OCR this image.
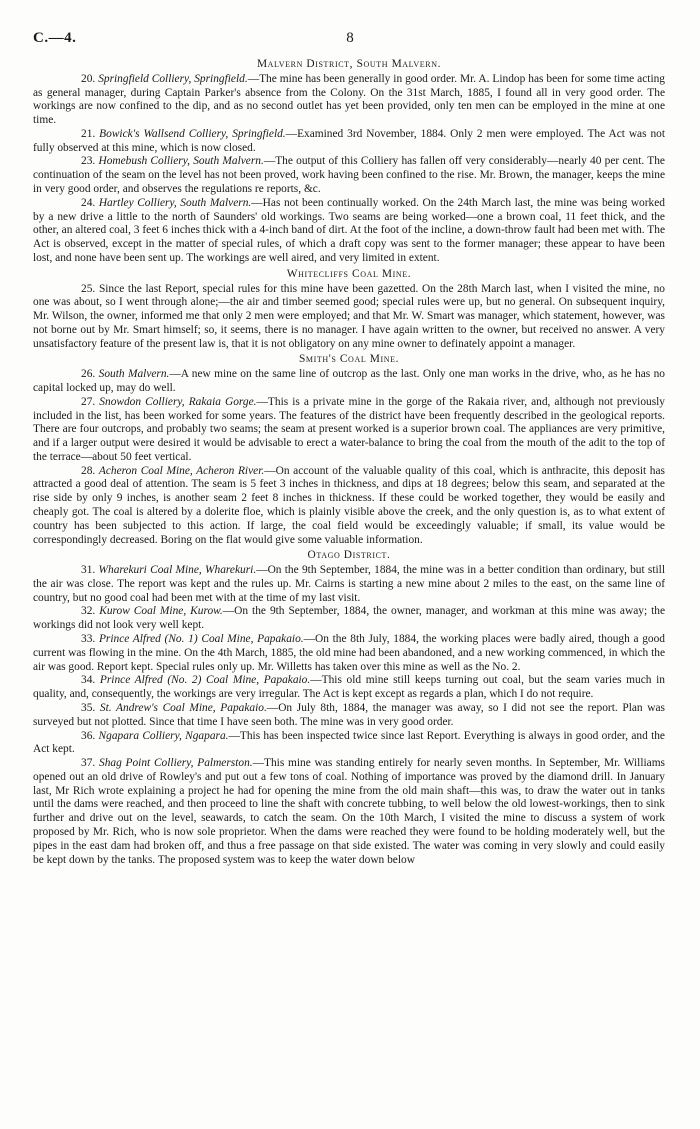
C.—4.	8
Malvern District, South Malvern.

20. Springfield Colliery, Springfield.—The mine has been generally in good order. Mr. A. Lindop has been for some time acting as general manager, during Captain Parker's absence from the Colony. On the 31st March, 1885, I found all in very good order. The workings are now confined to the dip, and as no second outlet has yet been provided, only ten men can be employed in the mine at one time.

21. Bowick's Wallsend Colliery, Springfield.—Examined 3rd November, 1884. Only 2 men were employed. The Act was not fully observed at this mine, which is now closed.

23. Homebush Colliery, South Malvern.—The output of this Colliery has fallen off very considerably—nearly 40 per cent. The continuation of the seam on the level has not been proved, work having been confined to the rise. Mr. Brown, the manager, keeps the mine in very good order, and observes the regulations re reports, &c.

24. Hartley Colliery, South Malvern.—Has not been continually worked. On the 24th March last, the mine was being worked by a new drive a little to the north of Saunders' old workings. Two seams are being worked—one a brown coal, 11 feet thick, and the other, an altered coal, 3 feet 6 inches thick with a 4-inch band of dirt. At the foot of the incline, a down-throw fault had been met with. The Act is observed, except in the matter of special rules, of which a draft copy was sent to the former manager; these appear to have been lost, and none have been sent up. The workings are well aired, and very limited in extent.

Whitecliffs Coal Mine.

25. Since the last Report, special rules for this mine have been gazetted. On the 28th March last, when I visited the mine, no one was about, so I went through alone;—the air and timber seemed good; special rules were up, but no general. On subsequent inquiry, Mr. Wilson, the owner, informed me that only 2 men were employed; and that Mr. W. Smart was manager, which statement, however, was not borne out by Mr. Smart himself; so, it seems, there is no manager. I have again written to the owner, but received no answer. A very unsatisfactory feature of the present law is, that it is not obligatory on any mine owner to definately appoint a manager.

Smith's Coal Mine.

26. South Malvern.—A new mine on the same line of outcrop as the last. Only one man works in the drive, who, as he has no capital locked up, may do well.

27. Snowdon Colliery, Rakaia Gorge.—This is a private mine in the gorge of the Rakaia river, and, although not previously included in the list, has been worked for some years. The features of the district have been frequently described in the geological reports. There are four outcrops, and probably two seams; the seam at present worked is a superior brown coal. The appliances are very primitive, and if a larger output were desired it would be advisable to erect a water-balance to bring the coal from the mouth of the adit to the top of the terrace—about 50 feet vertical.

28. Acheron Coal Mine, Acheron River.—On account of the valuable quality of this coal, which is anthracite, this deposit has attracted a good deal of attention. The seam is 5 feet 3 inches in thickness, and dips at 18 degrees; below this seam, and separated at the rise side by only 9 inches, is another seam 2 feet 8 inches in thickness. If these could be worked together, they would be easily and cheaply got. The coal is altered by a dolerite floe, which is plainly visible above the creek, and the only question is, as to what extent of country has been subjected to this action. If large, the coal field would be exceedingly valuable; if small, its value would be correspondingly decreased. Boring on the flat would give some valuable information.

Otago District.

31. Wharekuri Coal Mine, Wharekuri.—On the 9th September, 1884, the mine was in a better condition than ordinary, but still the air was close. The report was kept and the rules up. Mr. Cairns is starting a new mine about 2 miles to the east, on the same line of country, but no good coal had been met with at the time of my last visit.

32. Kurow Coal Mine, Kurow.—On the 9th September, 1884, the owner, manager, and workman at this mine was away; the workings did not look very well kept.

33. Prince Alfred (No. 1) Coal Mine, Papakaio.—On the 8th July, 1884, the working places were badly aired, though a good current was flowing in the mine. On the 4th March, 1885, the old mine had been abandoned, and a new working commenced, in which the air was good. Report kept. Special rules only up. Mr. Willetts has taken over this mine as well as the No. 2.

34. Prince Alfred (No. 2) Coal Mine, Papakaio.—This old mine still keeps turning out coal, but the seam varies much in quality, and, consequently, the workings are very irregular. The Act is kept except as regards a plan, which I do not require.

35. St. Andrew's Coal Mine, Papakaio.—On July 8th, 1884, the manager was away, so I did not see the report. Plan was surveyed but not plotted. Since that time I have seen both. The mine was in very good order.

36. Ngapara Colliery, Ngapara.—This has been inspected twice since last Report. Everything is always in good order, and the Act kept.

37. Shag Point Colliery, Palmerston.—This mine was standing entirely for nearly seven months. In September, Mr. Williams opened out an old drive of Rowley's and put out a few tons of coal. Nothing of importance was proved by the diamond drill. In January last, Mr Rich wrote explaining a project he had for opening the mine from the old main shaft—this was, to draw the water out in tanks until the dams were reached, and then proceed to line the shaft with concrete tubbing, to well below the old lowest-workings, then to sink further and drive out on the level, seawards, to catch the seam. On the 10th March, I visited the mine to discuss a system of work proposed by Mr. Rich, who is now sole proprietor. When the dams were reached they were found to be holding moderately well, but the pipes in the east dam had broken off, and thus a free passage on that side existed. The water was coming in very slowly and could easily be kept down by the tanks. The proposed system was to keep the water down below
